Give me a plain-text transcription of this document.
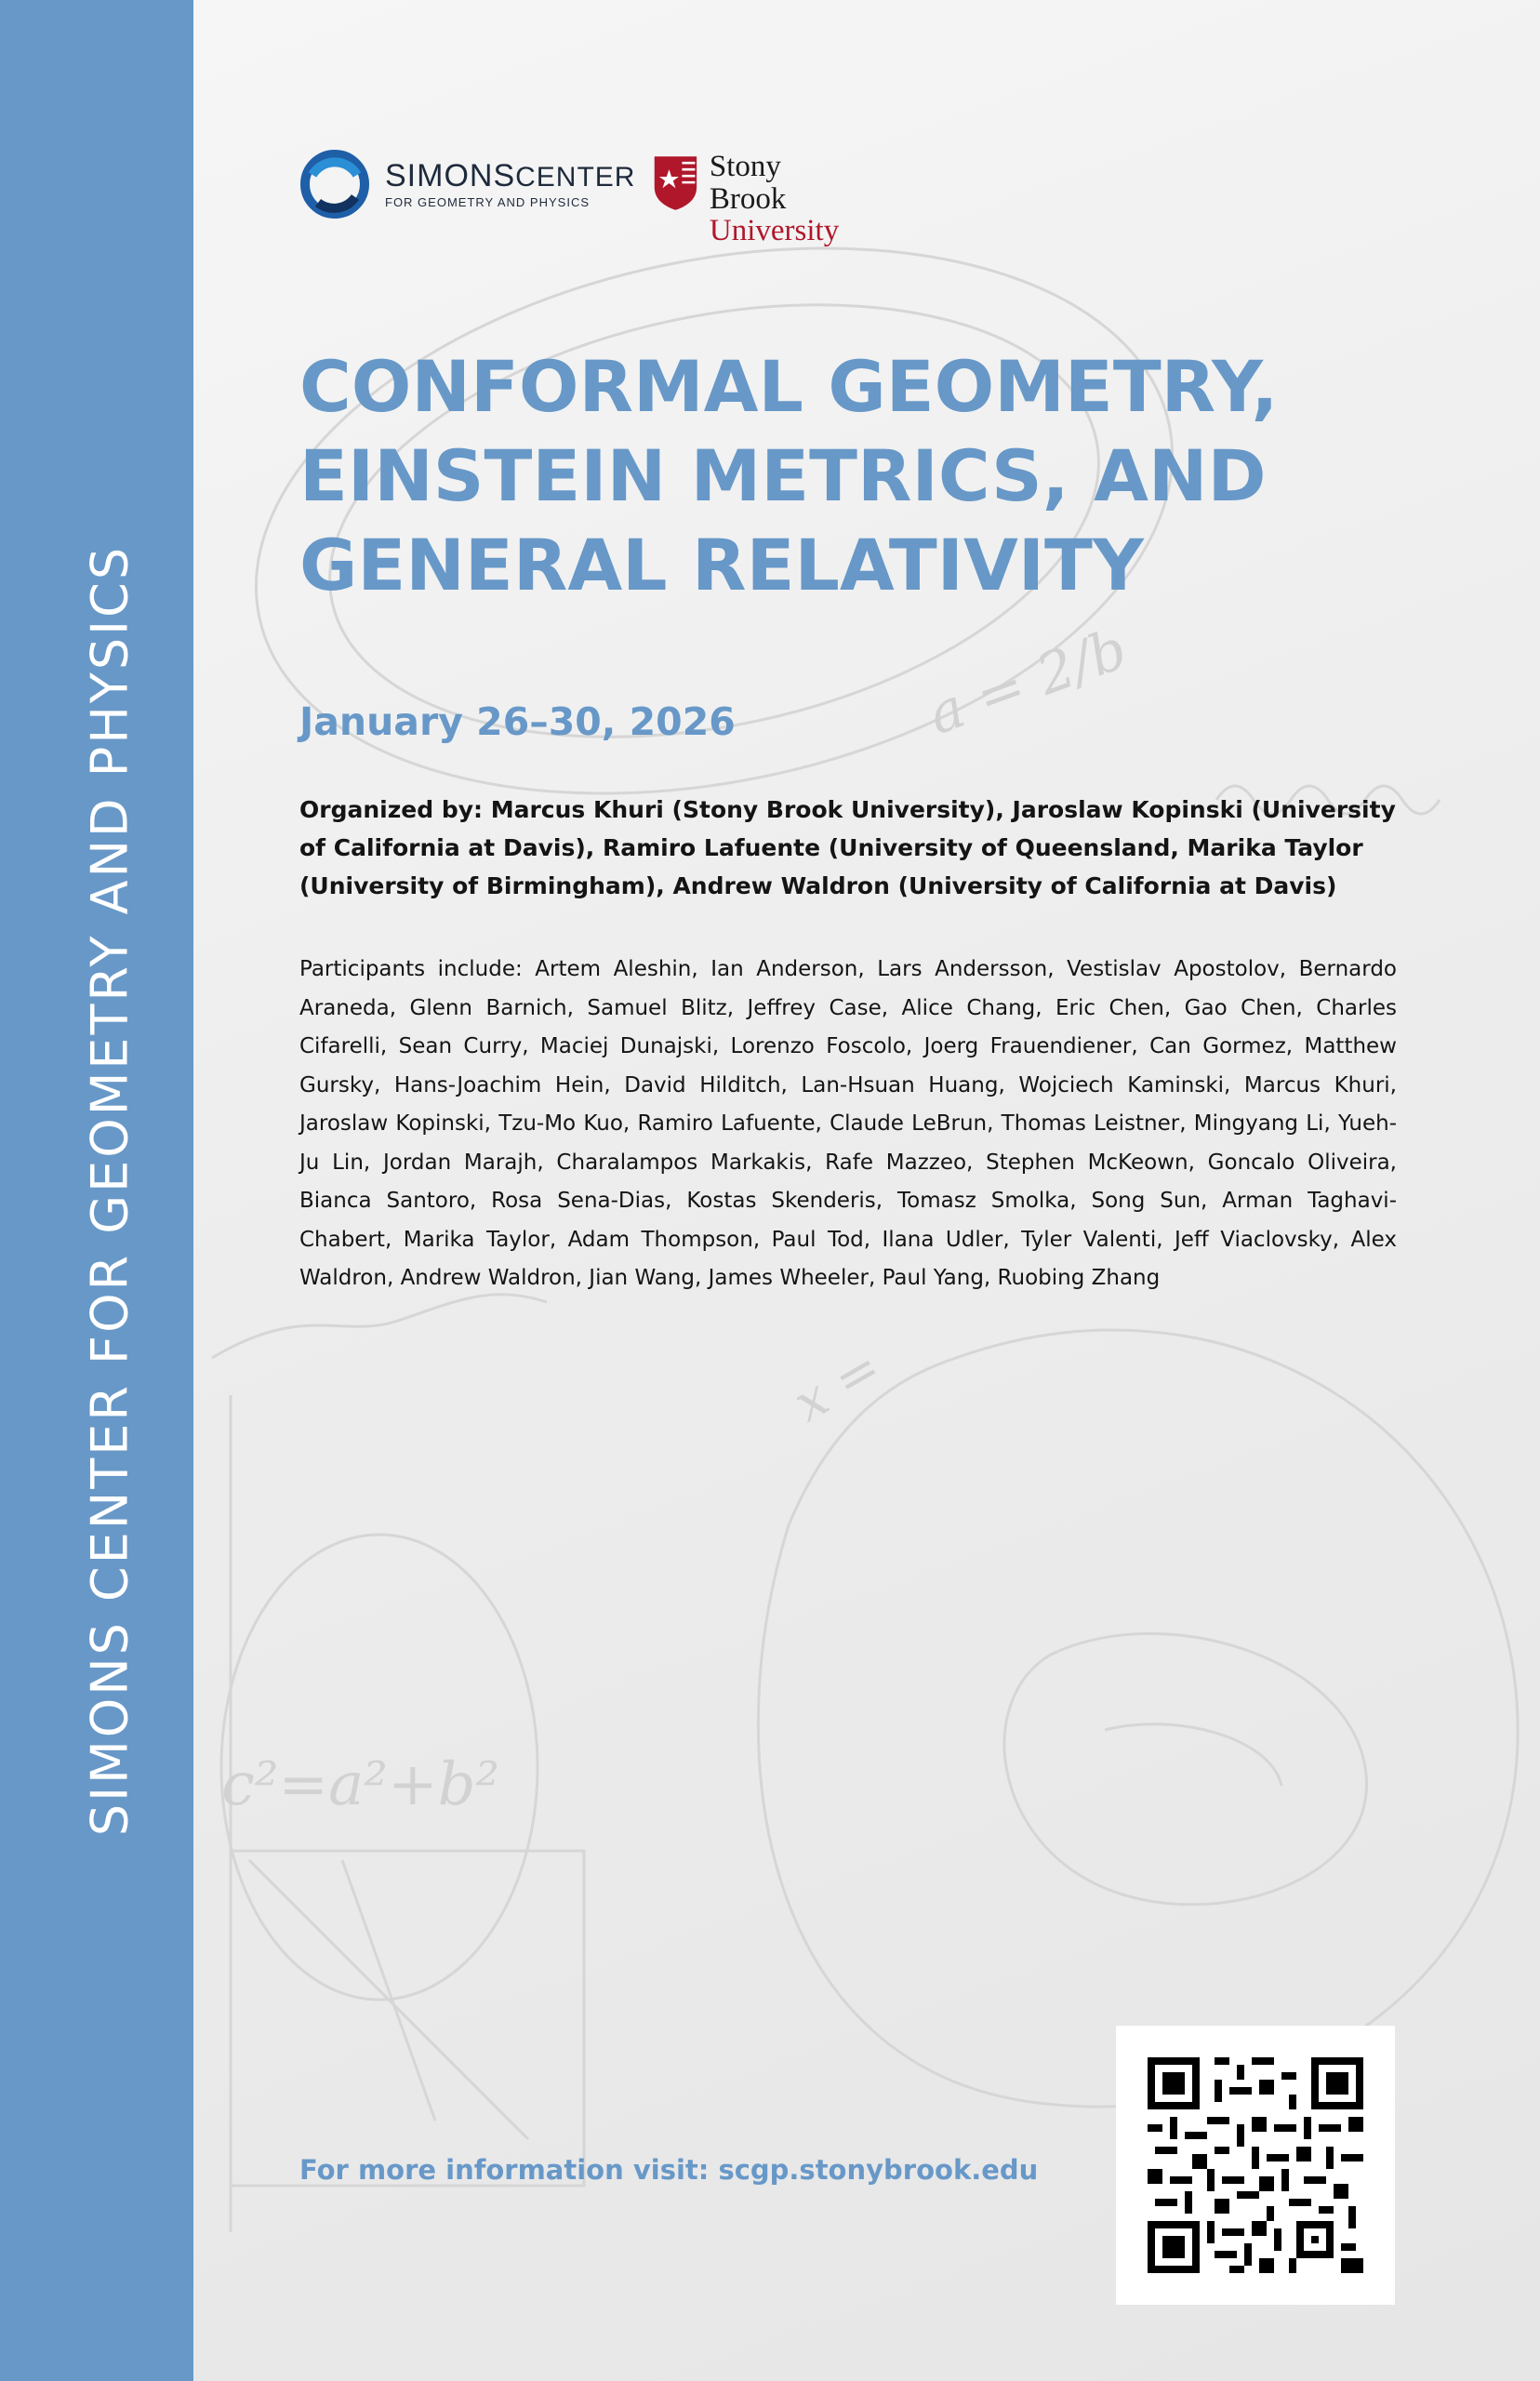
c²=a²+b²
a = 2/b
x =
SIMONS CENTER FOR GEOMETRY AND PHYSICS
SIMONSCENTER
FOR GEOMETRY AND PHYSICS
Stony Brook
University
CONFORMAL GEOMETRY,
EINSTEIN METRICS, AND
GENERAL RELATIVITY
January 26–30, 2026

Organized by: Marcus Khuri (Stony Brook University), Jaroslaw Kopinski (University of California at Davis), Ramiro Lafuente (University of Queensland, Marika Taylor (University of Birmingham), Andrew Waldron (University of California at Davis)

Participants include: Artem Aleshin, Ian Anderson, Lars Andersson, Vestislav Apostolov, Bernardo Araneda, Glenn Barnich, Samuel Blitz, Jeffrey Case, Alice Chang, Eric Chen, Gao Chen, Charles Cifarelli, Sean Curry, Maciej Dunajski, Lorenzo Foscolo, Joerg Frauendiener, Can Gormez, Matthew Gursky, Hans-Joachim Hein, David Hilditch, Lan-Hsuan Huang, Wojciech Kaminski, Marcus Khuri, Jaroslaw Kopinski, Tzu-Mo Kuo, Ramiro Lafuente, Claude LeBrun, Thomas Leistner, Mingyang Li, Yueh-Ju Lin, Jordan Marajh, Charalampos Markakis, Rafe Mazzeo, Stephen McKeown, Goncalo Oliveira, Bianca Santoro, Rosa Sena-Dias, Kostas Skenderis, Tomasz Smolka, Song Sun, Arman Taghavi-Chabert, Marika Taylor, Adam Thompson, Paul Tod, Ilana Udler, Tyler Valenti, Jeff Viaclovsky, Alex Waldron, Andrew Waldron, Jian Wang, James Wheeler, Paul Yang, Ruobing Zhang

For more information visit: scgp.stonybrook.edu
